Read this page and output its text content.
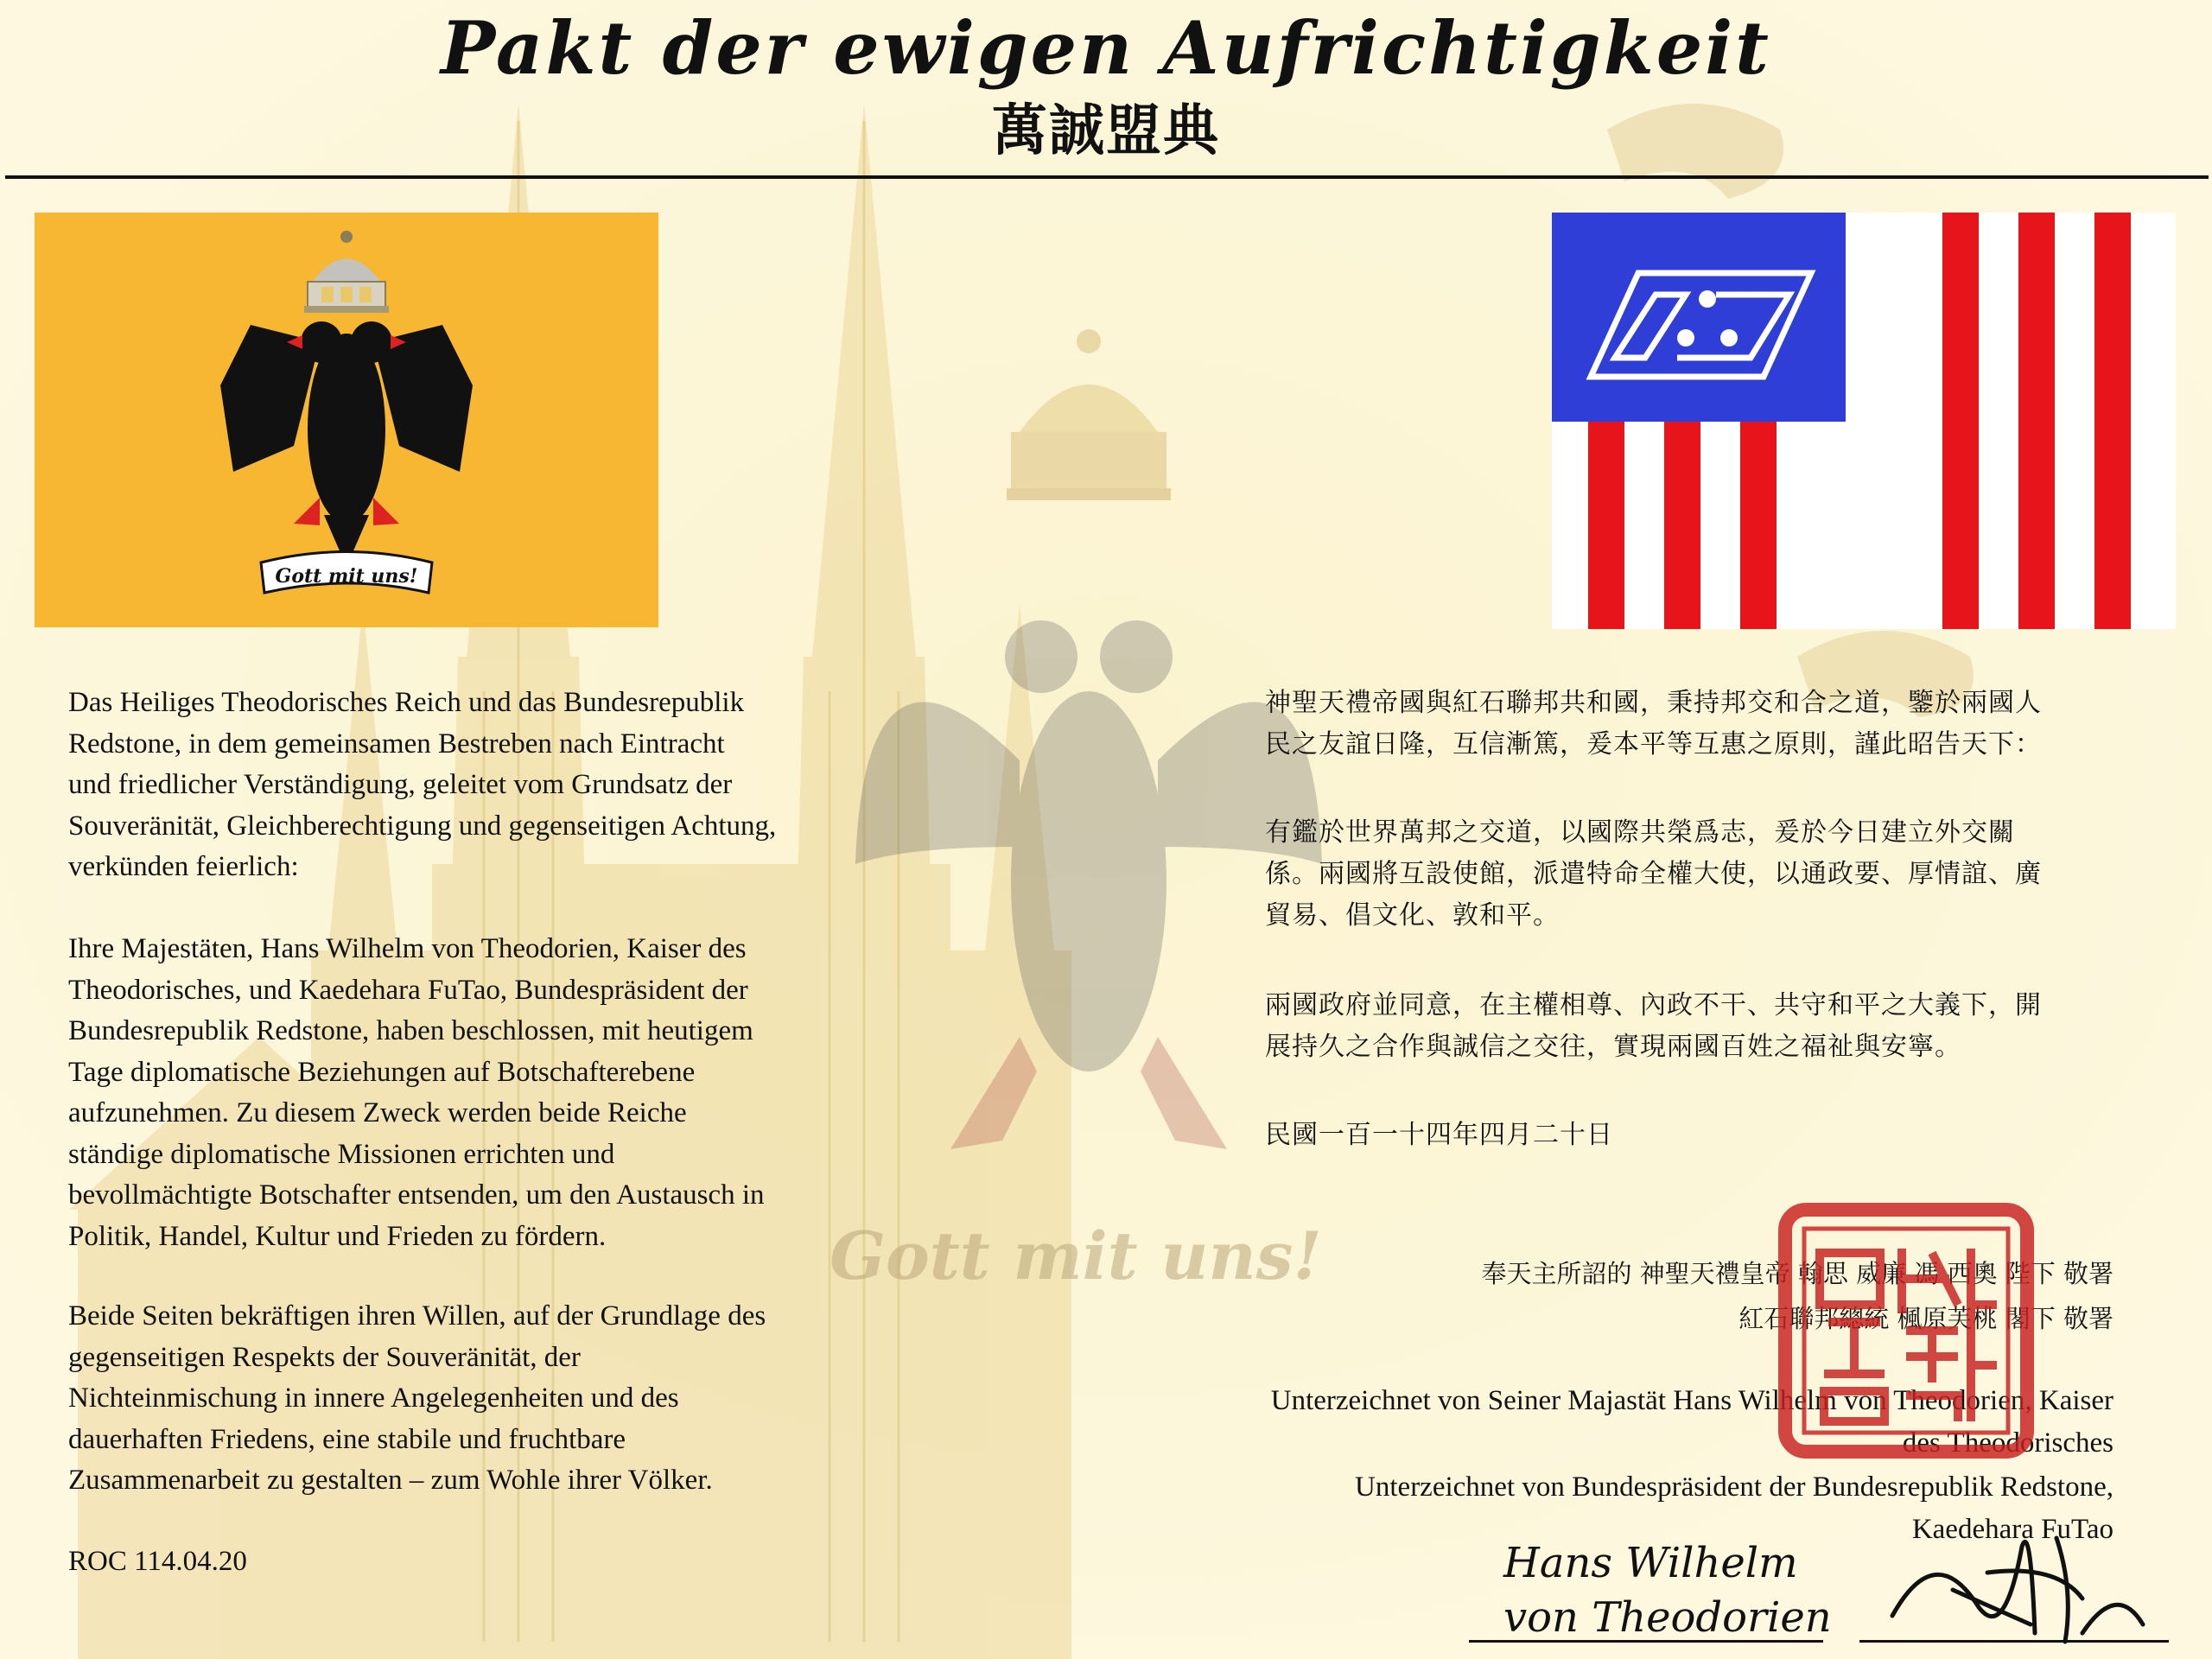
Gott mit uns!
Pakt der ewigen Aufrichtigkeit
萬誠盟典
Gott mit uns!
Das Heiliges Theodorisches Reich und das Bundesrepublik
Redstone, in dem gemeinsamen Bestreben nach Eintracht
und friedlicher Verständigung, geleitet vom Grundsatz der
Souveränität, Gleichberechtigung und gegenseitigen Achtung,
verkünden feierlich:
Ihre Majestäten, Hans Wilhelm von Theodorien, Kaiser des
Theodorisches, und Kaedehara FuTao, Bundespräsident der
Bundesrepublik Redstone, haben beschlossen, mit heutigem
Tage diplomatische Beziehungen auf Botschafterebene
aufzunehmen. Zu diesem Zweck werden beide Reiche
ständige diplomatische Missionen errichten und
bevollmächtigte Botschafter entsenden, um den Austausch in
Politik, Handel, Kultur und Frieden zu fördern.
Beide Seiten bekräftigen ihren Willen, auf der Grundlage des
gegenseitigen Respekts der Souveränität, der
Nichteinmischung in innere Angelegenheiten und des
dauerhaften Friedens, eine stabile und fruchtbare
Zusammenarbeit zu gestalten – zum Wohle ihrer Völker.
ROC 114.04.20
神聖天禮帝國與紅石聯邦共和國，秉持邦交和合之道，鑒於兩國人
民之友誼日隆，互信漸篤，爰本平等互惠之原則，謹此昭告天下：
有鑑於世界萬邦之交道，以國際共榮爲志，爰於今日建立外交關
係。兩國將互設使館，派遣特命全權大使，以通政要、厚情誼、廣
貿易、倡文化、敦和平。
兩國政府並同意，在主權相尊、內政不干、共守和平之大義下，開
展持久之合作與誠信之交往，實現兩國百姓之福祉與安寧。
民國一百一十四年四月二十日
奉天主所詔的 神聖天禮皇帝 翰思 威廉 馮 西奧 陛下 敬署
紅石聯邦總統 楓原芙桃 閣下 敬署
Unterzeichnet von Seiner Majastät Hans Wilhelm von Theodorien, Kaiser
des Theodorisches
Unterzeichnet von Bundespräsident der Bundesrepublik Redstone,
Kaedehara FuTao
Hans Wilhelm
von Theodorien
